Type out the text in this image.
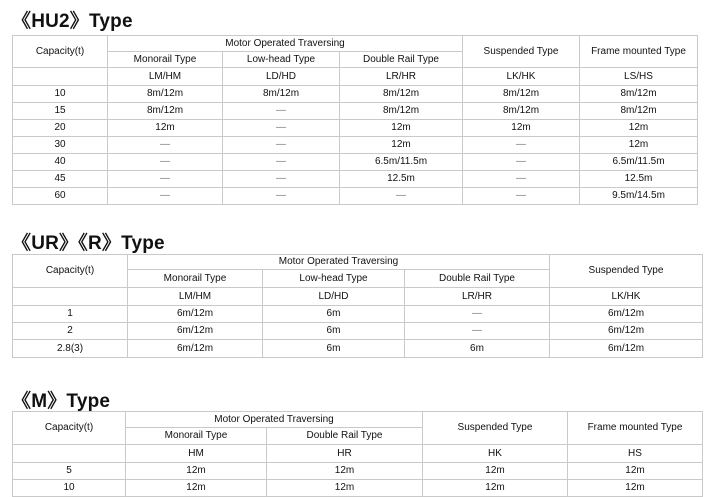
《HU2》Type
Capacity(t)	Motor Operated Traversing			Suspended Type	Frame mounted Type
	Monorail Type	Low-head Type	Double Rail Type		
	LM/HM	LD/HD	LR/HR	LK/HK	LS/HS
10	8m/12m	8m/12m	8m/12m	8m/12m	8m/12m
15	8m/12m	—	8m/12m	8m/12m	8m/12m
20	12m	—	12m	12m	12m
30	—	—	12m	—	12m
40	—	—	6.5m/11.5m	—	6.5m/11.5m
45	—	—	12.5m	—	12.5m
60	—	—	—	—	9.5m/14.5m
《UR》《R》Type
Capacity(t)	Motor Operated Traversing			Suspended Type
	Monorail Type	Low-head Type	Double Rail Type	
	LM/HM	LD/HD	LR/HR	LK/HK
1	6m/12m	6m	—	6m/12m
2	6m/12m	6m	—	6m/12m
2.8(3)	6m/12m	6m	6m	6m/12m
《M》Type
Capacity(t)	Motor Operated Traversing		Suspended Type	Frame mounted Type
	Monorail Type	Double Rail Type		
	HM	HR	HK	HS
5	12m	12m	12m	12m
10	12m	12m	12m	12m
